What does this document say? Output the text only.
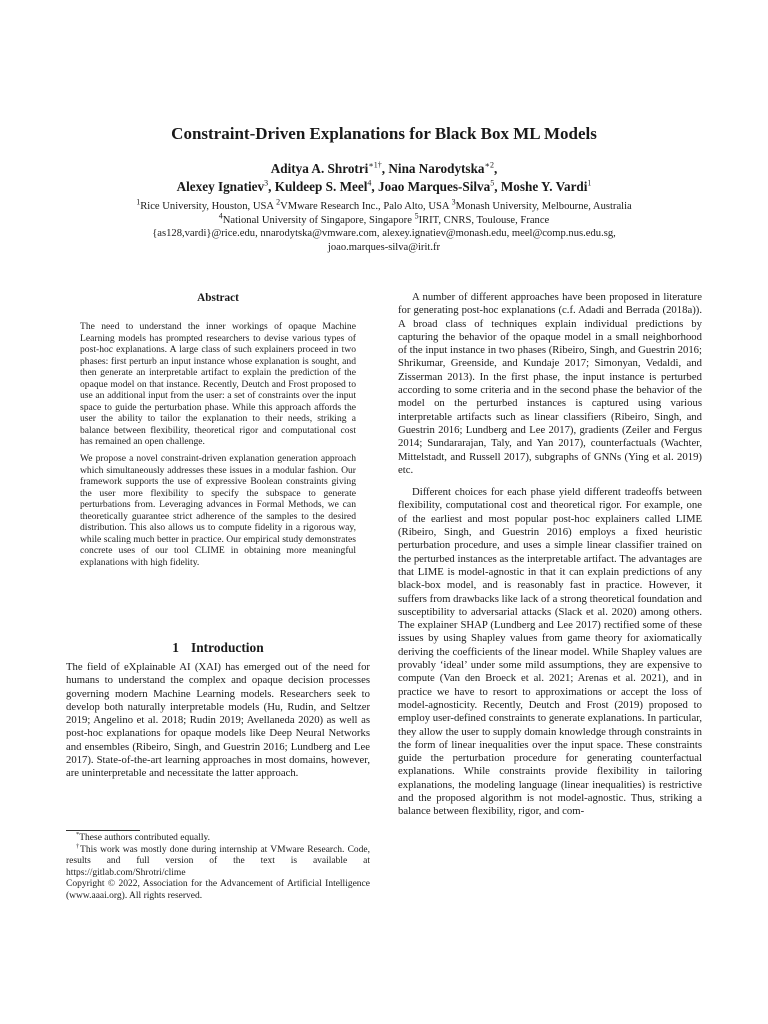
Constraint-Driven Explanations for Black Box ML Models
Aditya A. Shrotri$^{∗1\dagger}$, Nina Narodytska$^{∗2}$,
Alexey Ignatiev$^3$, Kuldeep S. Meel$^4$, Joao Marques-Silva$^5$, Moshe Y. Vardi$^1$
$^1$Rice University, Houston, USA $^2$VMware Research Inc., Palo Alto, USA $^3$Monash University, Melbourne, Australia
$^4$National University of Singapore, Singapore $^5$IRIT, CNRS, Toulouse, France
{as128,vardi}@rice.edu, nnarodytska@vmware.com, alexey.ignatiev@monash.edu, meel@comp.nus.edu.sg,
joao.marques-silva@irit.fr
Abstract

The need to understand the inner workings of opaque Machine Learning models has prompted researchers to devise various types of post-hoc explanations. A large class of such explainers proceed in two phases: first perturb an input instance whose explanation is sought, and then generate an interpretable artifact to explain the prediction of the opaque model on that instance. Recently, Deutch and Frost proposed to use an additional input from the user: a set of constraints over the input space to guide the perturbation phase. While this approach affords the user the ability to tailor the explanation to their needs, striking a balance between flexibility, theoretical rigor and computational cost has remained an open challenge.

We propose a novel constraint-driven explanation generation approach which simultaneously addresses these issues in a modular fashion. Our framework supports the use of expressive Boolean constraints giving the user more flexibility to specify the subspace to generate perturbations from. Leveraging advances in Formal Methods, we can theoretically guarantee strict adherence of the samples to the desired distribution. This also allows us to compute fidelity in a rigorous way, while scaling much better in practice. Our empirical study demonstrates concrete uses of our tool CLIME in obtaining more meaningful explanations with high fidelity.

1 Introduction

The field of eXplainable AI (XAI) has emerged out of the need for humans to understand the complex and opaque decision processes governing modern Machine Learning models. Researchers seek to develop both naturally interpretable models (Hu, Rudin, and Seltzer 2019; Angelino et al. 2018; Rudin 2019; Avellaneda 2020) as well as post-hoc explanations for opaque models like Deep Neural Networks and ensembles (Ribeiro, Singh, and Guestrin 2016; Lundberg and Lee 2017). State-of-the-art learning approaches in most domains, however, are uninterpretable and necessitate the latter approach.

*These authors contributed equally.
†This work was mostly done during internship at VMware Research. Code, results and full version of the text is available at https://gitlab.com/Shrotri/clime
Copyright © 2022, Association for the Advancement of Artificial Intelligence (www.aaai.org). All rights reserved.

A number of different approaches have been proposed in literature for generating post-hoc explanations (c.f. Adadi and Berrada (2018a)). A broad class of techniques explain individual predictions by capturing the behavior of the opaque model in a small neighborhood of the input instance in two phases (Ribeiro, Singh, and Guestrin 2016; Shrikumar, Greenside, and Kundaje 2017; Simonyan, Vedaldi, and Zisserman 2013). In the first phase, the input instance is perturbed according to some criteria and in the second phase the behavior of the model on the perturbed instances is captured using various interpretable artifacts such as linear classifiers (Ribeiro, Singh, and Guestrin 2016; Lundberg and Lee 2017), gradients (Zeiler and Fergus 2014; Sundararajan, Taly, and Yan 2017), counterfactuals (Wachter, Mittelstadt, and Russell 2017), subgraphs of GNNs (Ying et al. 2019) etc.

Different choices for each phase yield different tradeoffs between flexibility, computational cost and theoretical rigor. For example, one of the earliest and most popular post-hoc explainers called LIME (Ribeiro, Singh, and Guestrin 2016) employs a fixed heuristic perturbation procedure, and uses a simple linear classifier trained on the perturbed instances as the interpretable artifact. The advantages are that LIME is model-agnostic in that it can explain predictions of any black-box model, and is reasonably fast in practice. However, it suffers from drawbacks like lack of a strong theoretical foundation and susceptibility to adversarial attacks (Slack et al. 2020) among others. The explainer SHAP (Lundberg and Lee 2017) rectified some of these issues by using Shapley values from game theory for axiomatically deriving the coefficients of the linear model. While Shapley values are provably ‘ideal’ under some mild assumptions, they are expensive to compute (Van den Broeck et al. 2021; Arenas et al. 2021), and in practice we have to resort to approximations or accept the loss of model-agnosticity. Recently, Deutch and Frost (2019) proposed to employ user-defined constraints to generate explanations. In particular, they allow the user to supply domain knowledge through constraints in the form of linear inequalities over the input space. These constraints guide the perturbation procedure for generating counterfactual explanations. While constraints provide flexibility in tailoring explanations, the modeling language (linear inequalities) is restrictive and the proposed algorithm is not model-agnostic. Thus, striking a balance between flexibility, rigor, and com-
